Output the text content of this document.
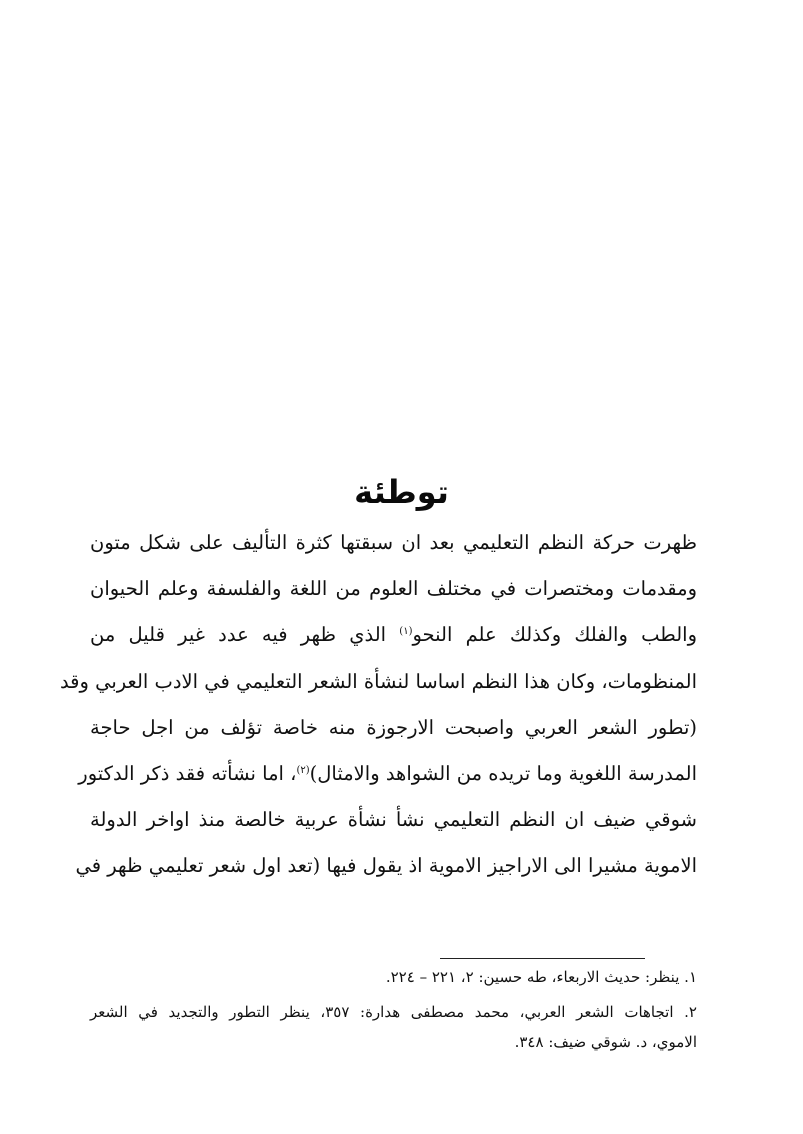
توطئة
ظهرت حركة النظم التعليمي بعد ان سبقتها كثرة التأليف على شكل متون
ومقدمات ومختصرات في مختلف العلوم من اللغة والفلسفة وعلم الحيوان
والطب والفلك وكذلك علم النحو$^{(١)}$ الذي ظهر فيه عدد غير قليل من
المنظومات، وكان هذا النظم اساسا لنشأة الشعر التعليمي في الادب العربي وقد
(تطور الشعر العربي واصبحت الارجوزة منه خاصة تؤلف من اجل حاجة
المدرسة اللغوية وما تريده من الشواهد والامثال)$^{(٢)}$، اما نشأته فقد ذكر الدكتور
شوقي ضيف ان النظم التعليمي نشأ نشأة عربية خالصة منذ اواخر الدولة
الاموية مشيرا الى الاراجيز الاموية اذ يقول فيها (تعد اول شعر تعليمي ظهر في
١. ينظر: حديث الاربعاء، طه حسين: ٢، ٢٢١ – ٢٢٤.
٢. اتجاهات الشعر العربي، محمد مصطفى هدارة: ٣٥٧، ينظر التطور والتجديد في الشعر
الاموي، د. شوقي ضيف: ٣٤٨.
